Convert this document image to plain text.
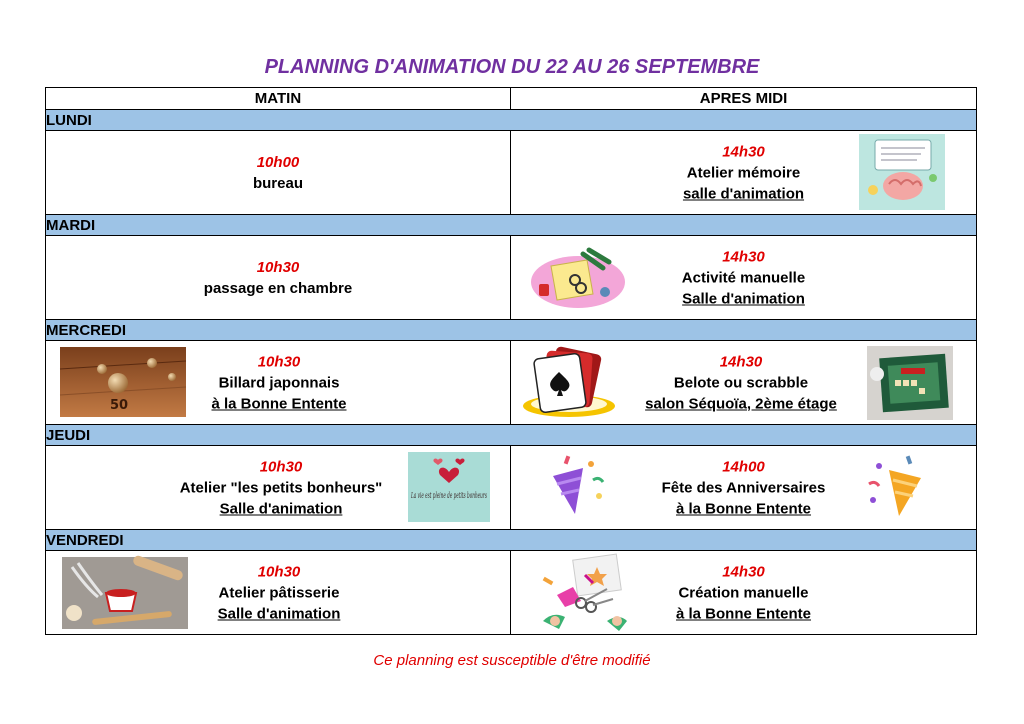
PLANNING D'ANIMATION DU 22 AU 26 SEPTEMBRE
MATIN	APRES MIDI
LUNDI
10h00
bureau
14h30
Atelier mémoire
salle d'animation
MARDI
10h30
passage en chambre
14h30
Activité manuelle
Salle d'animation
MERCREDI
50
10h30
Billard japonnais
à la Bonne Entente
14h30
Belote ou scrabble
salon Séquoïa, 2ème étage
JEUDI
10h30
Atelier "les petits bonheurs"
Salle d'animation
La vie est pleine de petits bonheurs
14h00
Fête des Anniversaires
à la Bonne Entente
VENDREDI
10h30
Atelier pâtisserie
Salle d'animation
14h30
Création manuelle
à la Bonne Entente
Ce planning est susceptible d'être modifié
